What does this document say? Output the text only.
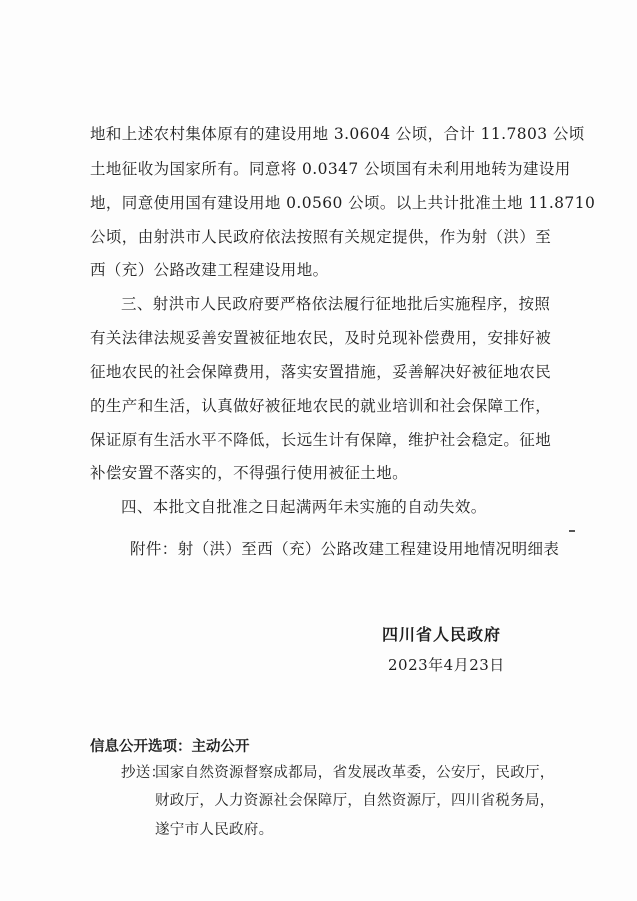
地和上述农村集体原有的建设用地 3.0604 公顷，合计 11.7803 公顷
土地征收为国家所有。同意将 0.0347 公顷国有未利用地转为建设用
地，同意使用国有建设用地 0.0560 公顷。以上共计批准土地 11.8710
公顷，由射洪市人民政府依法按照有关规定提供，作为射（洪）至
西（充）公路改建工程建设用地。
三、射洪市人民政府要严格依法履行征地批后实施程序，按照
有关法律法规妥善安置被征地农民，及时兑现补偿费用，安排好被
征地农民的社会保障费用，落实安置措施，妥善解决好被征地农民
的生产和生活，认真做好被征地农民的就业培训和社会保障工作，
保证原有生活水平不降低，长远生计有保障，维护社会稳定。征地
补偿安置不落实的，不得强行使用被征土地。
四、本批文自批准之日起满两年未实施的自动失效。
附件：射（洪）至西（充）公路改建工程建设用地情况明细表
四川省人民政府
2023年4月23日
信息公开选项：主动公开
抄送：
国家自然资源督察成都局，省发展改革委，公安厅，民政厅，
财政厅，人力资源社会保障厅，自然资源厅，四川省税务局，
遂宁市人民政府。
